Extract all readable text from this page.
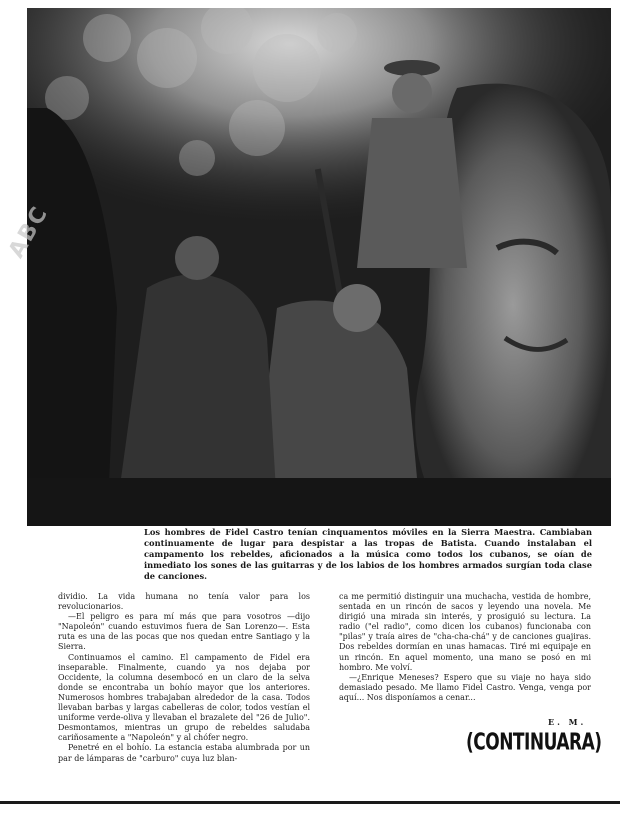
ABC
Los hombres de Fidel Castro tenían cinquamentos móviles en la Sierra Maestra. Cambiaban continuamente de lugar para despistar a las tropas de Batista. Cuando instalaban el campamento los rebeldes, aficionados a la música como todos los cubanos, se oían de inmediato los sones de las guitarras y de los labios de los hombres armados surgían toda clase de canciones.

dividio. La vida humana no tenía valor para los revolucionarios.

—El peligro es para mí más que para vosotros —dijo "Napoleón" cuando estuvimos fuera de San Lorenzo—. Esta ruta es una de las pocas que nos quedan entre Santiago y la Sierra.

Continuamos el camino. El campamento de Fidel era inseparable. Finalmente, cuando ya nos dejaba por Occidente, la columna desembocó en un claro de la selva donde se encontraba un bohío mayor que los anteriores. Numerosos hombres trabajaban alrededor de la casa. Todos llevaban barbas y largas cabelleras de color, todos vestían el uniforme verde-oliva y llevaban el brazalete del "26 de Julio". Desmontamos, mientras un grupo de rebeldes saludaba cariñosamente a "Napoleón" y al chófer negro.

Penetré en el bohío. La estancia estaba alumbrada por un par de lámparas de "carburo" cuya luz blan-

ca me permitió distinguir una muchacha, vestida de hombre, sentada en un rincón de sacos y leyendo una novela. Me dirigió una mirada sin interés, y prosiguió su lectura. La radio ("el radio", como dicen los cubanos) funcionaba con "pilas" y traía aires de "cha-cha-chá" y de canciones guajiras. Dos rebeldes dormían en unas hamacas. Tiré mi equipaje en un rincón. En aquel momento, una mano se posó en mi hombro. Me volví.

—¿Enrique Meneses? Espero que su viaje no haya sido demasiado pesado. Me llamo Fidel Castro. Venga, venga por aquí... Nos disponíamos a cenar...

E. M.
(CONTINUARA)
